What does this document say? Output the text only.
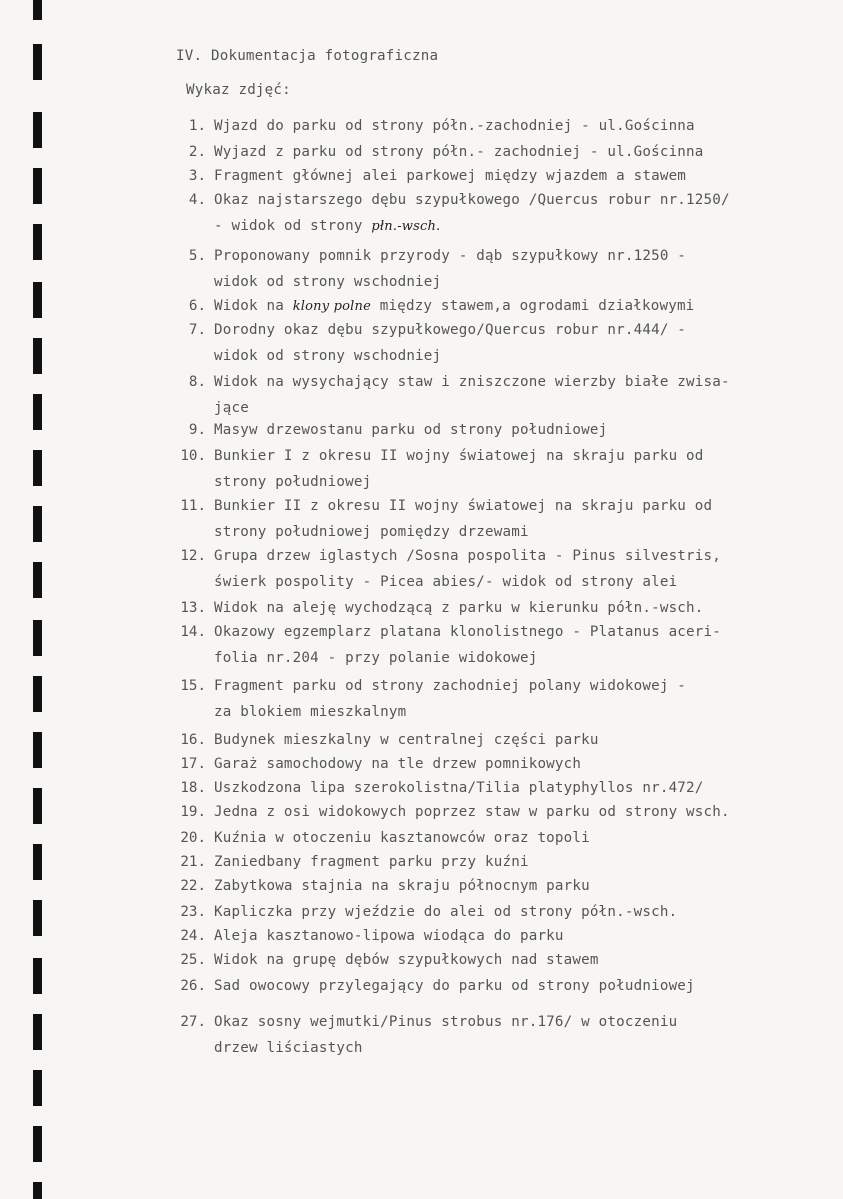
IV. Dokumentacja fotograficzna
Wykaz zdjęć:
1. Wjazd do parku od strony półn.-zachodniej - ul.Gościnna
2. Wyjazd z parku od strony półn.- zachodniej - ul.Gościnna
3. Fragment głównej alei parkowej między wjazdem a stawem
4. Okaz najstarszego dębu szypułkowego /Quercus robur nr.1250/
- widok od strony płn.-wsch.
5. Proponowany pomnik przyrody - dąb szypułkowy nr.1250 -
widok od strony wschodniej
6. Widok na klony polne między stawem,a ogrodami działkowymi
7. Dorodny okaz dębu szypułkowego/Quercus robur nr.444/ -
widok od strony wschodniej
8. Widok na wysychający staw i zniszczone wierzby białe zwisa-
jące
9. Masyw drzewostanu parku od strony południowej
10. Bunkier I z okresu II wojny światowej na skraju parku od
strony południowej
11. Bunkier II z okresu II wojny światowej na skraju parku od
strony południowej pomiędzy drzewami
12. Grupa drzew iglastych /Sosna pospolita - Pinus silvestris,
świerk pospolity - Picea abies/- widok od strony alei
13. Widok na aleję wychodzącą z parku w kierunku półn.-wsch.
14. Okazowy egzemplarz platana klonolistnego - Platanus aceri-
folia nr.204 - przy polanie widokowej
15. Fragment parku od strony zachodniej polany widokowej -
za blokiem mieszkalnym
16. Budynek mieszkalny w centralnej części parku
17. Garaż samochodowy na tle drzew pomnikowych
18. Uszkodzona lipa szerokolistna/Tilia platyphyllos nr.472/
19. Jedna z osi widokowych poprzez staw w parku od strony wsch.
20. Kuźnia w otoczeniu kasztanowców oraz topoli
21. Zaniedbany fragment parku przy kuźni
22. Zabytkowa stajnia na skraju północnym parku
23. Kapliczka przy wjeździe do alei od strony półn.-wsch.
24. Aleja kasztanowo-lipowa wiodąca do parku
25. Widok na grupę dębów szypułkowych nad stawem
26. Sad owocowy przylegający do parku od strony południowej
27. Okaz sosny wejmutki/Pinus strobus nr.176/ w otoczeniu
drzew liściastych
